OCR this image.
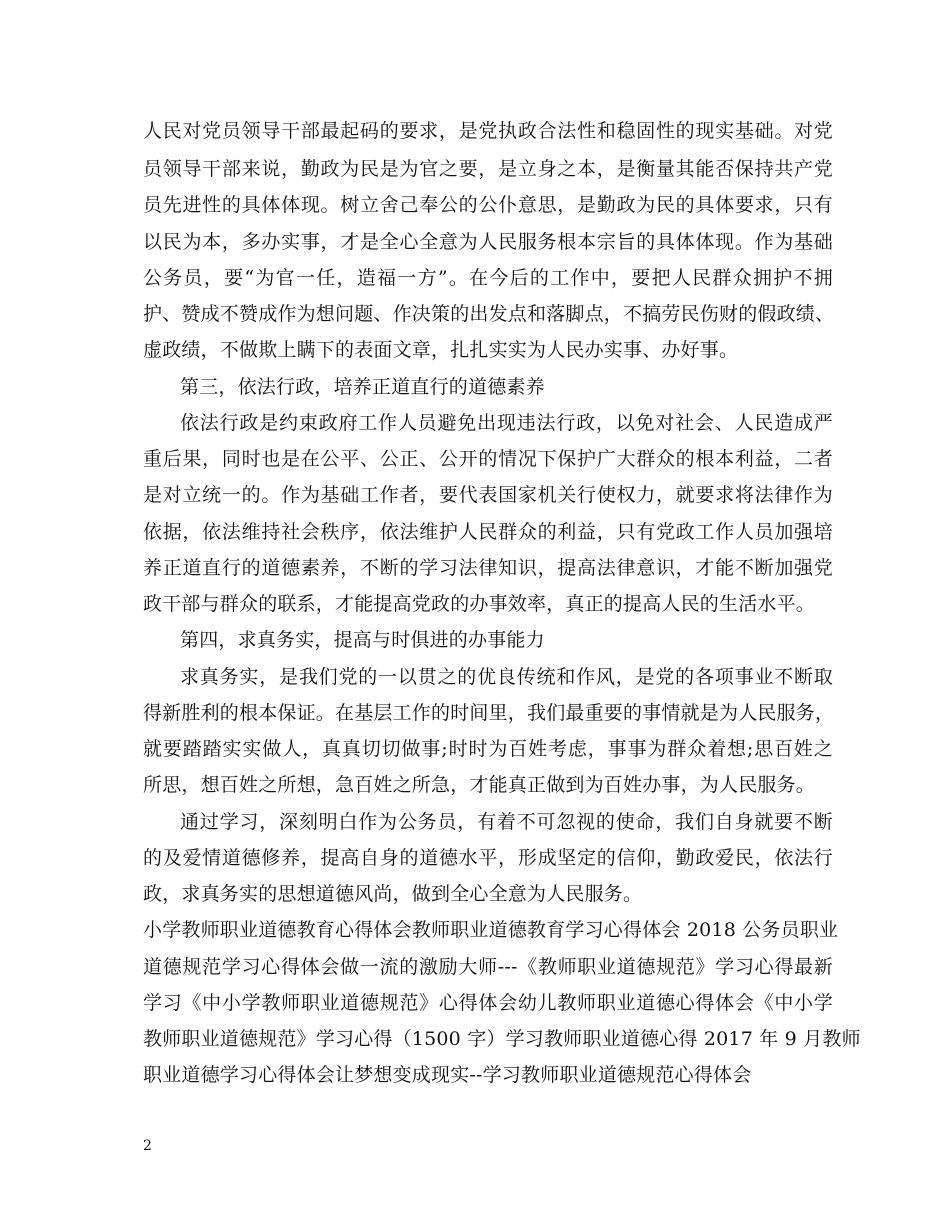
人民对党员领导干部最起码的要求，是党执政合法性和稳固性的现实基础。对党
员领导干部来说，勤政为民是为官之要，是立身之本，是衡量其能否保持共产党
员先进性的具体体现。树立舍己奉公的公仆意思，是勤政为民的具体要求，只有
以民为本，多办实事，才是全心全意为人民服务根本宗旨的具体体现。作为基础
公务员，要“为官一任，造福一方”。在今后的工作中，要把人民群众拥护不拥
护、赞成不赞成作为想问题、作决策的出发点和落脚点，不搞劳民伤财的假政绩、
虚政绩，不做欺上瞒下的表面文章，扎扎实实为人民办实事、办好事。
第三，依法行政，培养正道直行的道德素养
依法行政是约束政府工作人员避免出现违法行政，以免对社会、人民造成严
重后果，同时也是在公平、公正、公开的情况下保护广大群众的根本利益，二者
是对立统一的。作为基础工作者，要代表国家机关行使权力，就要求将法律作为
依据，依法维持社会秩序，依法维护人民群众的利益，只有党政工作人员加强培
养正道直行的道德素养，不断的学习法律知识，提高法律意识，才能不断加强党
政干部与群众的联系，才能提高党政的办事效率，真正的提高人民的生活水平。
第四，求真务实，提高与时俱进的办事能力
求真务实，是我们党的一以贯之的优良传统和作风，是党的各项事业不断取
得新胜利的根本保证。在基层工作的时间里，我们最重要的事情就是为人民服务，
就要踏踏实实做人，真真切切做事;时时为百姓考虑，事事为群众着想;思百姓之
所思，想百姓之所想，急百姓之所急，才能真正做到为百姓办事，为人民服务。
通过学习，深刻明白作为公务员，有着不可忽视的使命，我们自身就要不断
的及爱情道德修养，提高自身的道德水平，形成坚定的信仰，勤政爱民，依法行
政，求真务实的思想道德风尚，做到全心全意为人民服务。
小学教师职业道德教育心得体会教师职业道德教育学习心得体会 2018 公务员职业
道德规范学习心得体会做一流的激励大师---《教师职业道德规范》学习心得最新
学习《中小学教师职业道德规范》心得体会幼儿教师职业道德心得体会《中小学
教师职业道德规范》学习心得（1500 字）学习教师职业道德心得 2017 年 9 月教师
职业道德学习心得体会让梦想变成现实--学习教师职业道德规范心得体会
2
